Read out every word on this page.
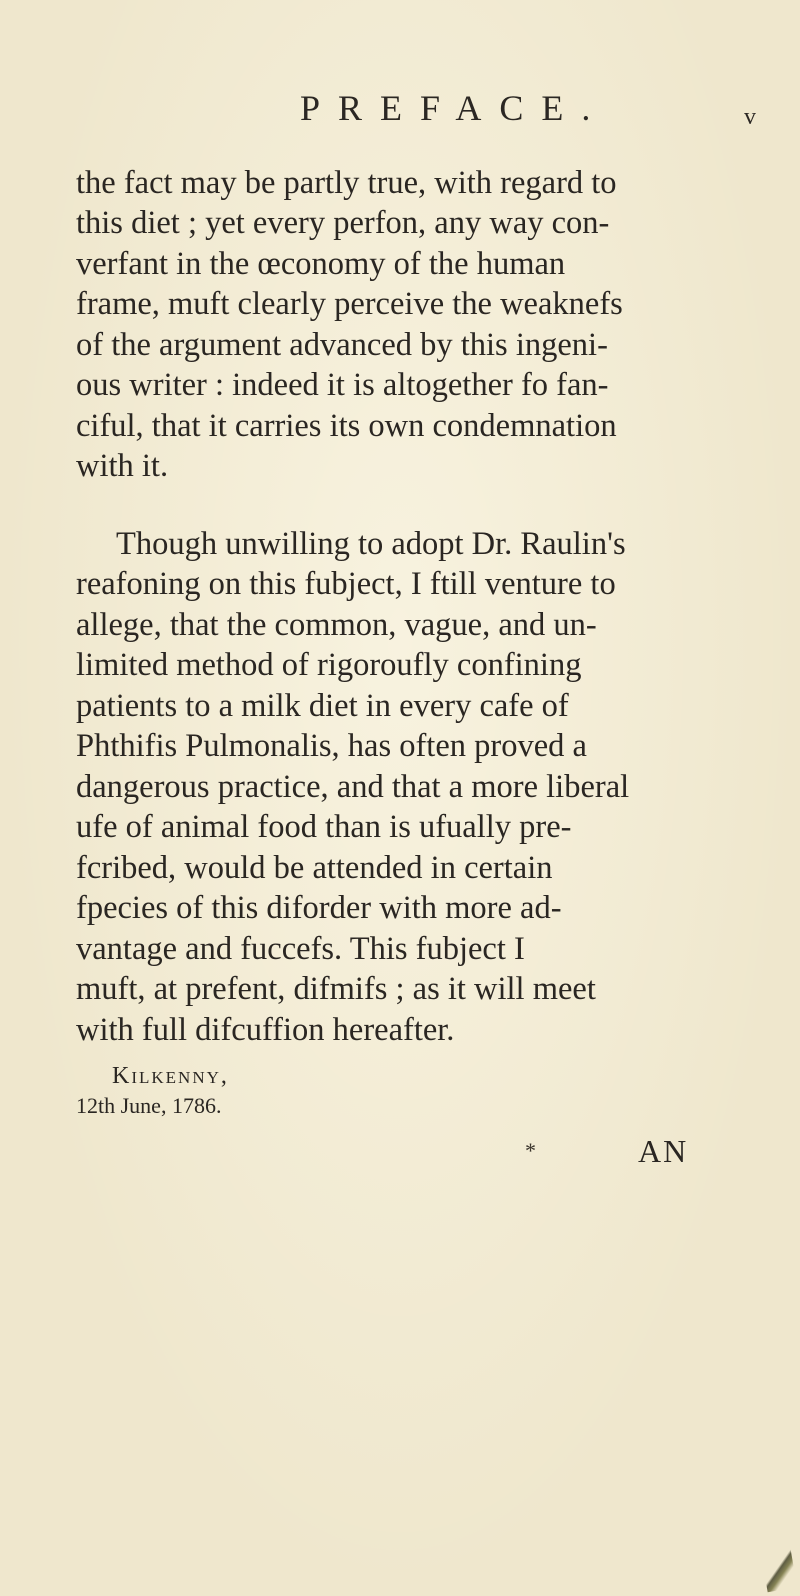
PREFACE.	v
the fact may be partly true, with regard to
this diet ; yet every perfon, any way con-
verfant in the œconomy of the human
frame, muft clearly perceive the weaknefs
of the argument advanced by this ingeni-
ous writer : indeed it is altogether fo fan-
ciful, that it carries its own condemnation
with it.
Though unwilling to adopt Dr. Raulin's
reafoning on this fubject, I ftill venture to
allege, that the common, vague, and un-
limited method of rigoroufly confining
patients to a milk diet in every cafe of
Phthifis Pulmonalis, has often proved a
dangerous practice, and that a more liberal
ufe of animal food than is ufually pre-
fcribed, would be attended in certain
fpecies of this diforder with more ad-
vantage and fuccefs. This fubject I
muft, at prefent, difmifs ; as it will meet
with full difcuffion hereafter.
Kilkenny,
12th June, 1786.
*	AN
